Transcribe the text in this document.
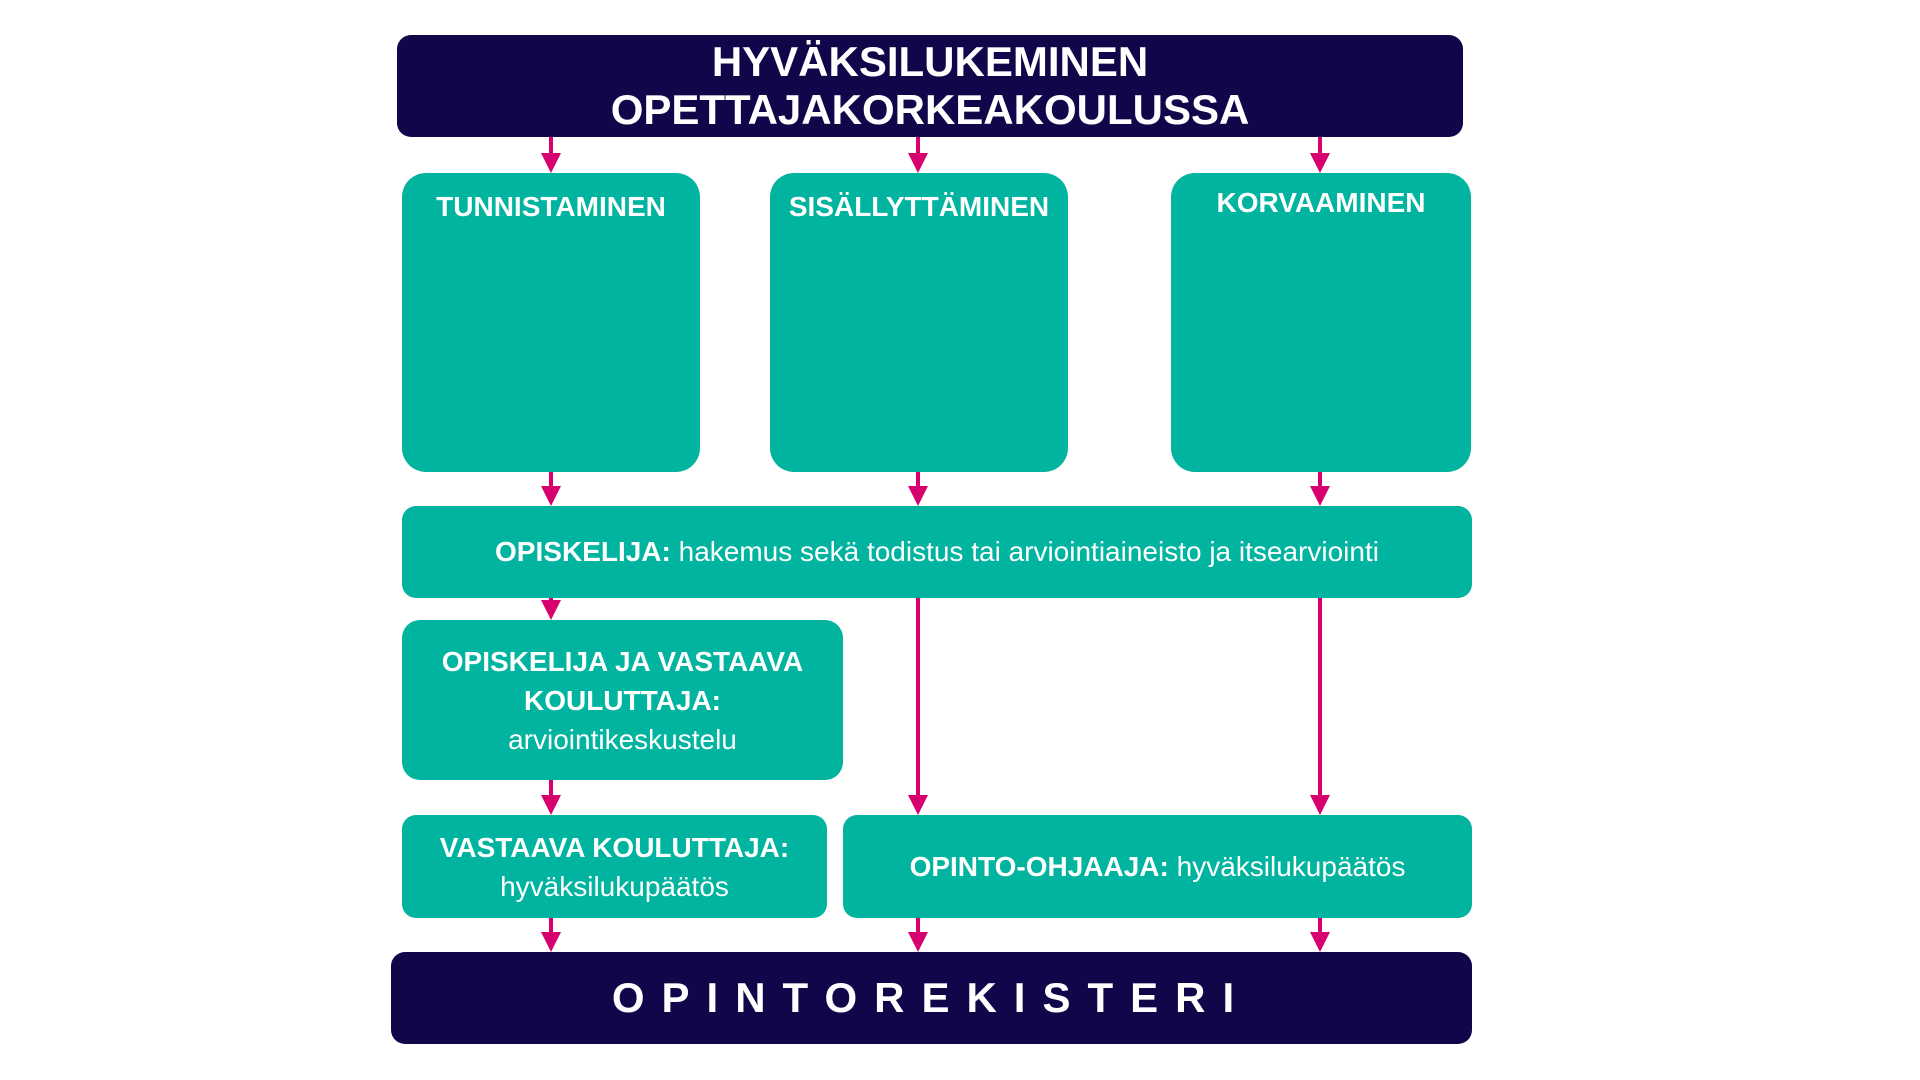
HYVÄKSILUKEMINEN OPETTAJAKORKEAKOULUSSA
TUNNISTAMINEN	SISÄLLYTTÄMINEN	KORVAAMINEN
OPISKELIJA: hakemus sekä todistus tai arviointiaineisto ja itsearviointi
OPISKELIJA JA VASTAAVA
KOULUTTAJA:
arviointikeskustelu
VASTAAVA KOULUTTAJA:
hyväksilukupäätös
OPINTO-OHJAAJA: hyväksilukupäätös
OPINTOREKISTERI
